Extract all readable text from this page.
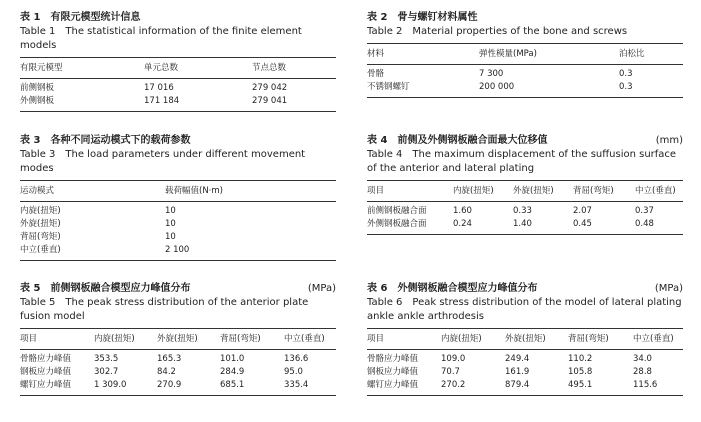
表 1　有限元模型统计信息
Table 1　The statistical information of the finite element models
有限元模型	单元总数	节点总数
前侧钢板	17 016	279 042
外侧钢板	171 184	279 041
表 2　骨与螺钉材料属性
Table 2　Material properties of the bone and screws
材料	弹性模量(MPa)	泊松比
骨骼	7 300	0.3
不锈钢螺钉	200 000	0.3
表 3　各种不同运动模式下的载荷参数
Table 3　The load parameters under different movement modes
运动模式	载荷幅值(N·m)
内旋(扭矩)	10
外旋(扭矩)	10
背屈(弯矩)	10
中立(垂直)	2 100
表 4　前侧及外侧钢板融合面最大位移值	(mm)
Table 4　The maximum displacement of the suffusion surface of the anterior and lateral plating
项目	内旋(扭矩)	外旋(扭矩)	背屈(弯矩)	中立(垂直)
前侧钢板融合面	1.60	0.33	2.07	0.37
外侧钢板融合面	0.24	1.40	0.45	0.48
表 5　前侧钢板融合模型应力峰值分布	(MPa)
Table 5　The peak stress distribution of the anterior plate fusion model
项目	内旋(扭矩)	外旋(扭矩)	背屈(弯矩)	中立(垂直)
骨骼应力峰值	353.5	165.3	101.0	136.6
钢板应力峰值	302.7	84.2	284.9	95.0
螺钉应力峰值	1 309.0	270.9	685.1	335.4
表 6　外侧钢板融合模型应力峰值分布	(MPa)
Table 6　Peak stress distribution of the model of lateral plating ankle ankle arthrodesis
项目	内旋(扭矩)	外旋(扭矩)	背屈(弯矩)	中立(垂直)
骨骼应力峰值	109.0	249.4	110.2	34.0
钢板应力峰值	70.7	161.9	105.8	28.8
螺钉应力峰值	270.2	879.4	495.1	115.6
